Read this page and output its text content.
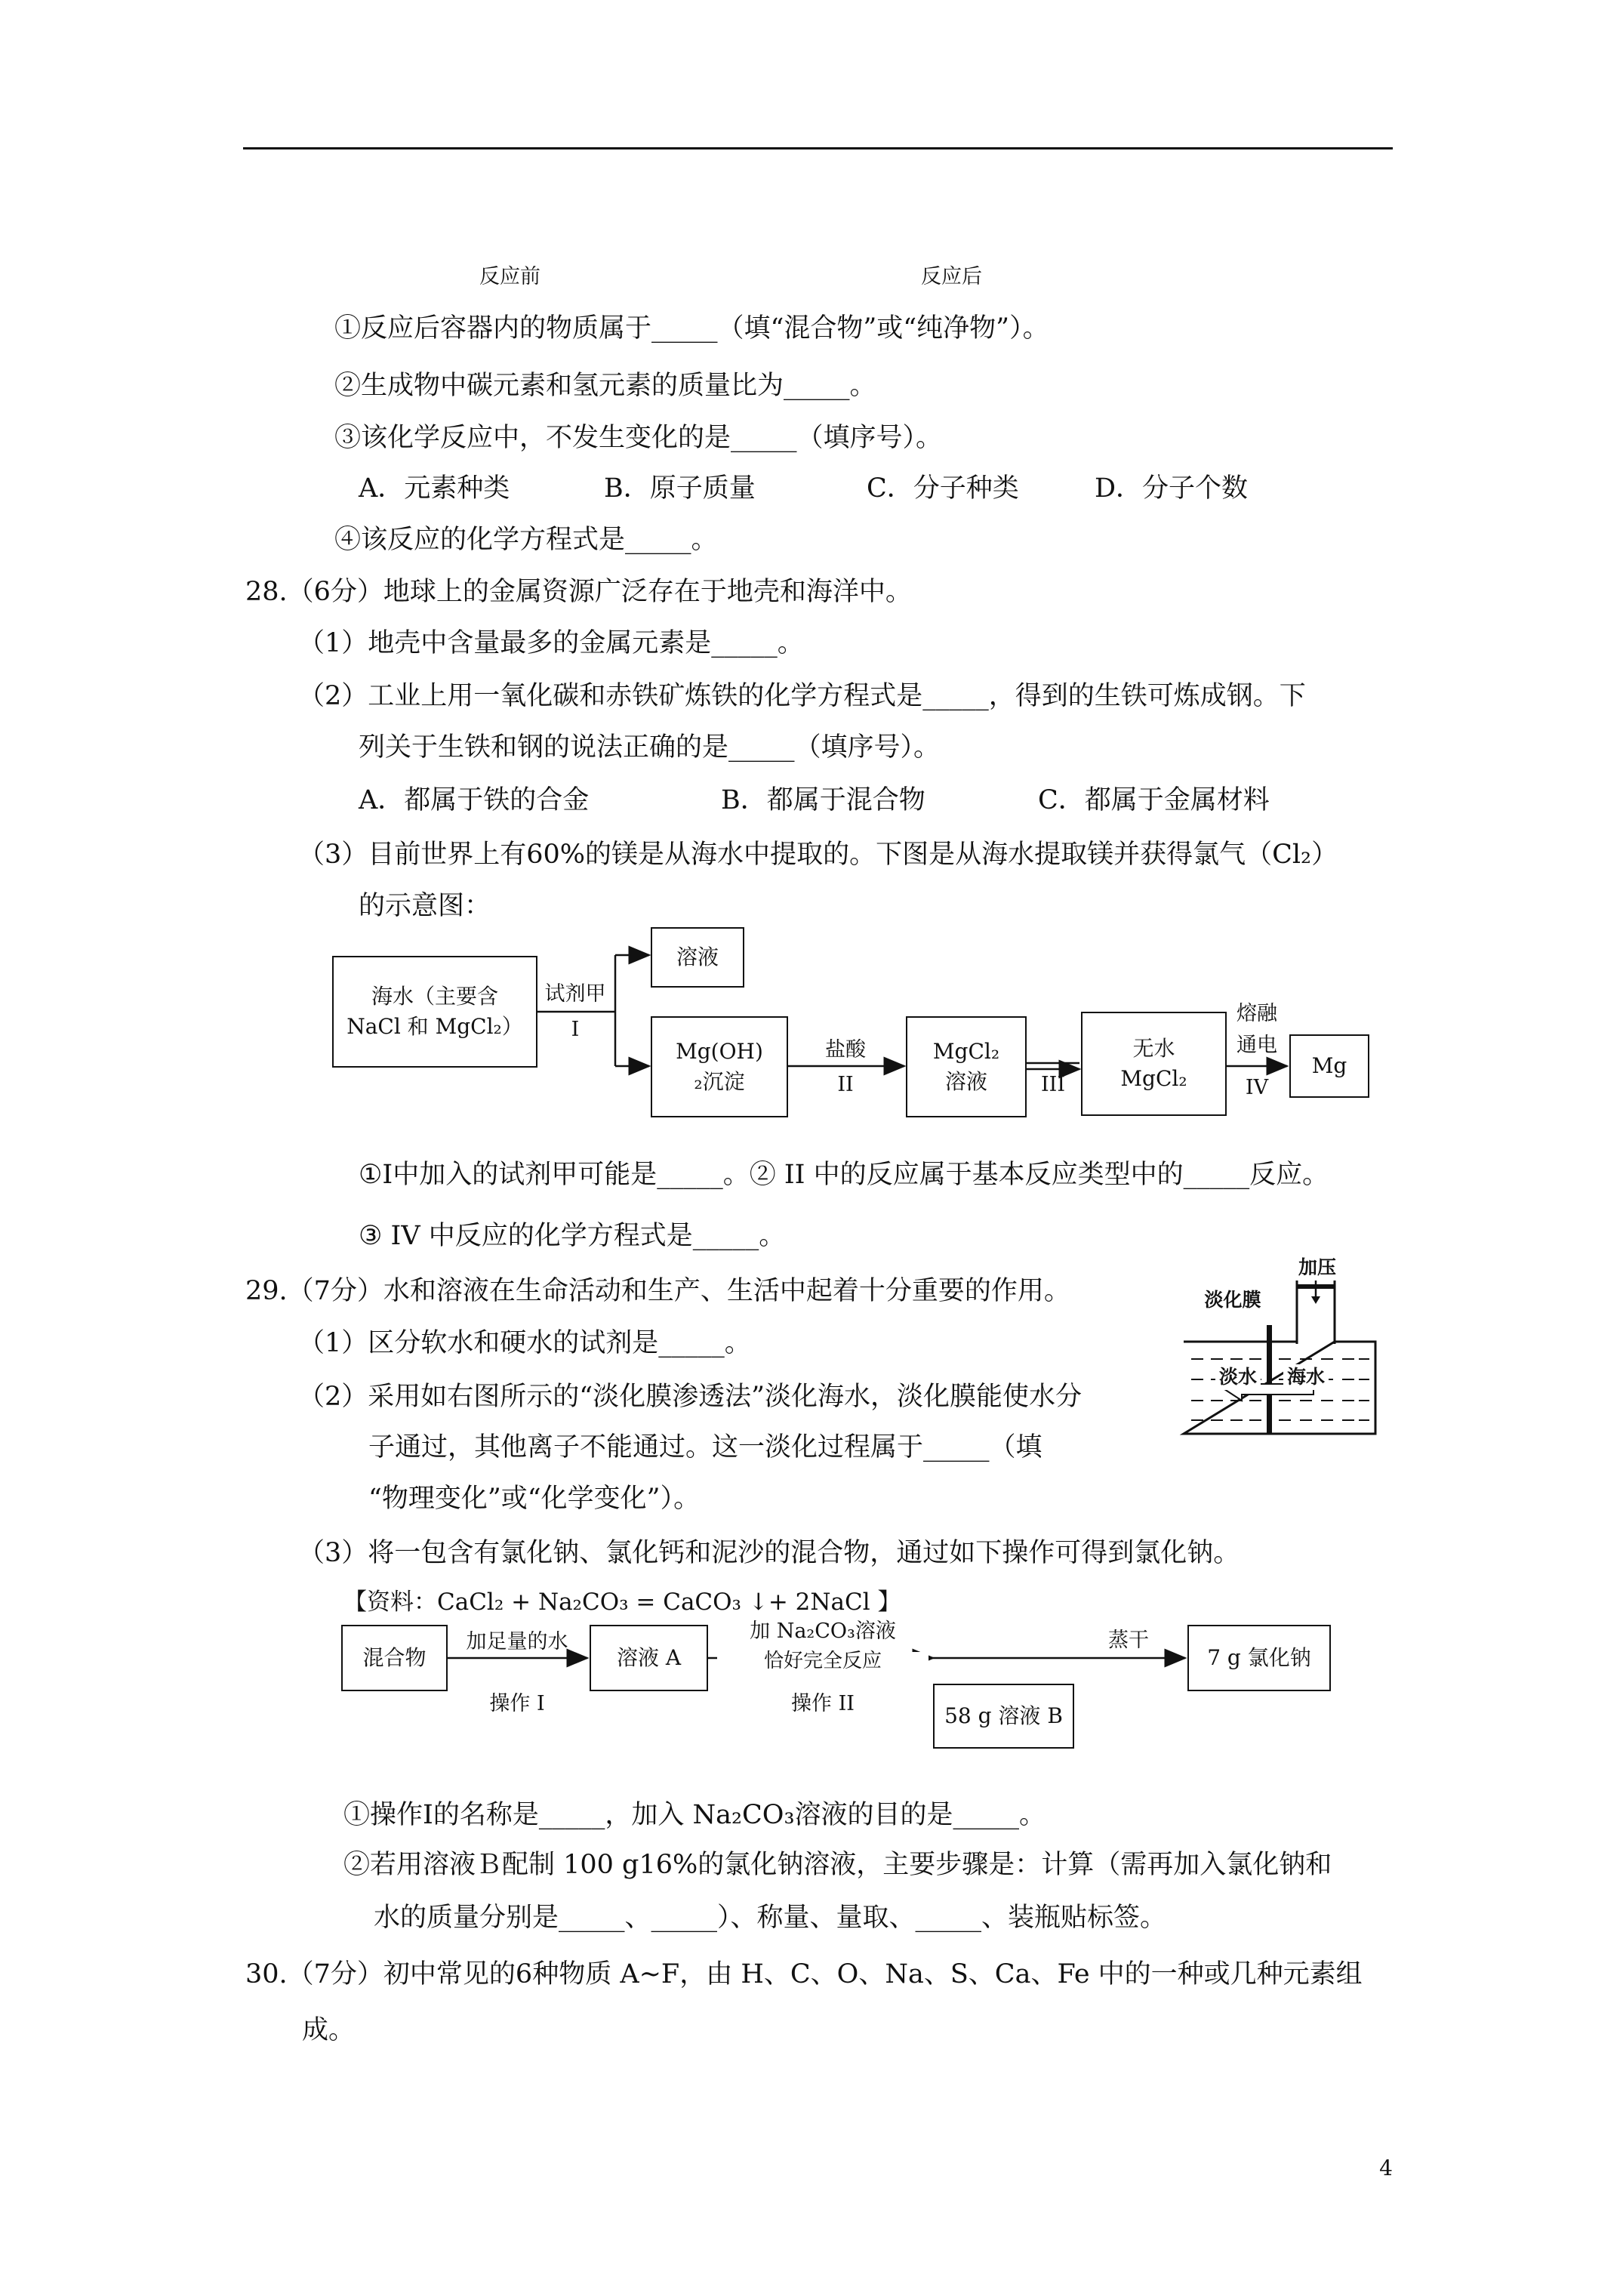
反应前	反应后
①反应后容器内的物质属于_____（填“混合物”或“纯净物”）。
②生成物中碳元素和氢元素的质量比为_____。
③该化学反应中，不发生变化的是_____（填序号）。
A．元素种类	B．原子质量	C．分子种类	D．分子个数
④该反应的化学方程式是_____。
28.（6分）地球上的金属资源广泛存在于地壳和海洋中。
（1）地壳中含量最多的金属元素是_____。
（2）工业上用一氧化碳和赤铁矿炼铁的化学方程式是_____，得到的生铁可炼成钢。下
列关于生铁和钢的说法正确的是_____（填序号）。
A．都属于铁的合金	B．都属于混合物	C．都属于金属材料
（3）目前世界上有60%的镁是从海水中提取的。下图是从海水提取镁并获得氯气（Cl₂）
的示意图：
海水（主要含
NaCl 和 MgCl₂）
试剂甲
I
溶液
Mg(OH)
₂沉淀
盐酸
II
MgCl₂
溶液	III
无水
MgCl₂
熔融
通电
IV
Mg
①Ⅰ中加入的试剂甲可能是_____。② II 中的反应属于基本反应类型中的_____反应。
③ IV 中反应的化学方程式是_____。
29.（7分）水和溶液在生命活动和生产、生活中起着十分重要的作用。
（1）区分软水和硬水的试剂是_____。
（2）采用如右图所示的“淡化膜渗透法”淡化海水，淡化膜能使水分
子通过，其他离子不能通过。这一淡化过程属于_____（填
“物理变化”或“化学变化”）。
加压
淡化膜
淡水 海水
（3）将一包含有氯化钠、氯化钙和泥沙的混合物，通过如下操作可得到氯化钠。
【资料：CaCl₂ + Na₂CO₃ = CaCO₃ ↓+ 2NaCl 】
混合物
加足量的水
操作 I
溶液 A
加 Na₂CO₃溶液
恰好完全反应
操作 II	58 g 溶液 B
蒸干
7 g 氯化钠
①操作Ⅰ的名称是_____，加入 Na₂CO₃溶液的目的是_____。
②若用溶液Ｂ配制 100 g16%的氯化钠溶液，主要步骤是：计算（需再加入氯化钠和
水的质量分别是_____、_____）、称量、量取、_____、装瓶贴标签。
30.（7分）初中常见的6种物质 A~F，由 H、C、O、Na、S、Ca、Fe 中的一种或几种元素组
成。
4
